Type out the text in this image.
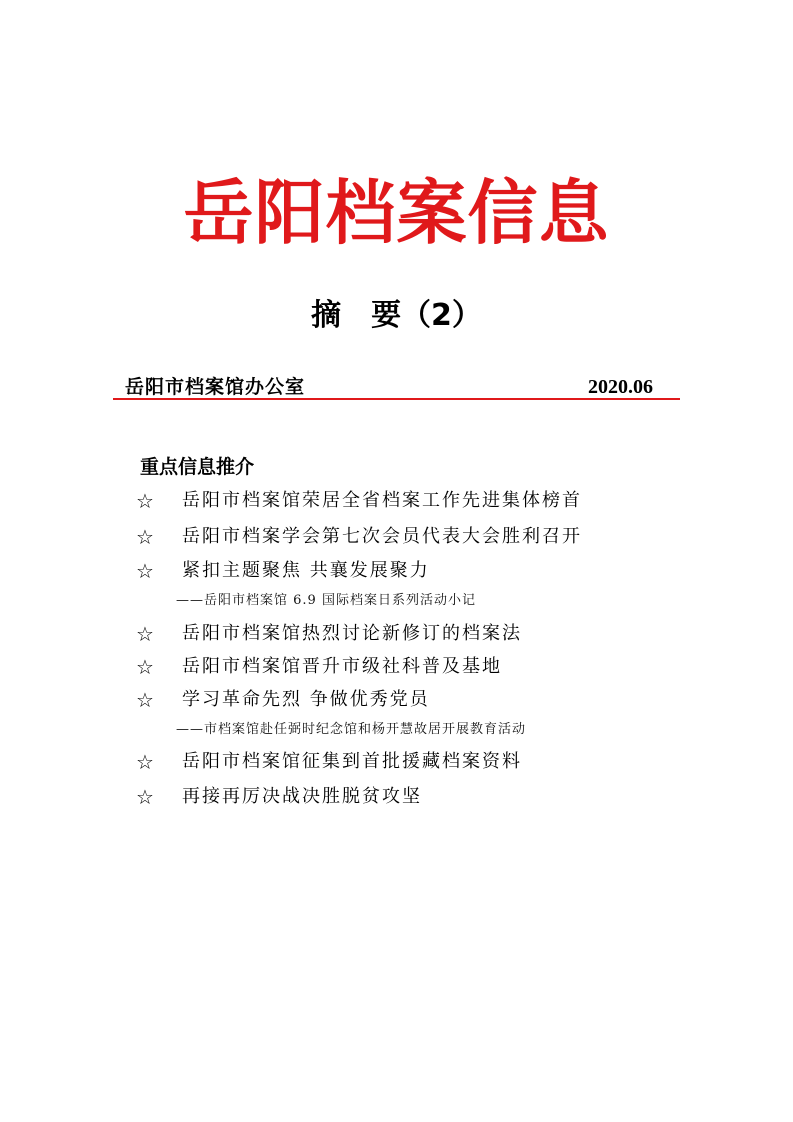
岳阳档案信息
摘 要（2）
岳阳市档案馆办公室	2020.06
重点信息推介
☆ 岳阳市档案馆荣居全省档案工作先进集体榜首
☆ 岳阳市档案学会第七次会员代表大会胜利召开
☆ 紧扣主题聚焦 共襄发展聚力
——岳阳市档案馆 6.9 国际档案日系列活动小记
☆ 岳阳市档案馆热烈讨论新修订的档案法
☆ 岳阳市档案馆晋升市级社科普及基地
☆ 学习革命先烈 争做优秀党员
——市档案馆赴任弼时纪念馆和杨开慧故居开展教育活动
☆ 岳阳市档案馆征集到首批援藏档案资料
☆ 再接再厉决战决胜脱贫攻坚
